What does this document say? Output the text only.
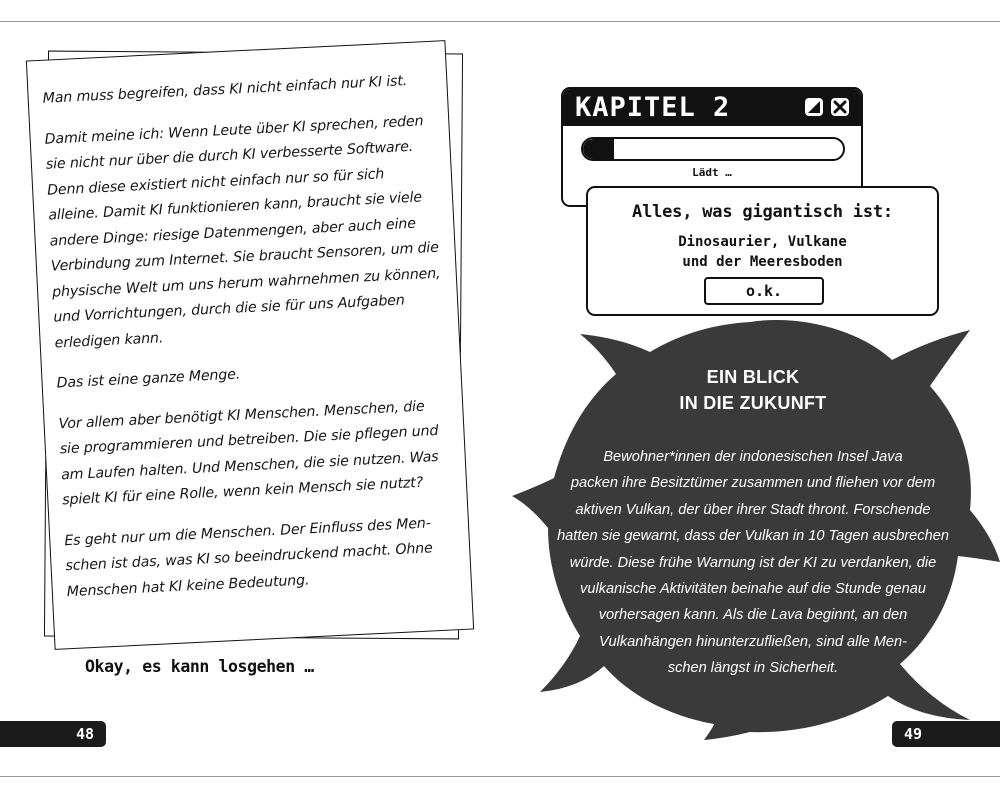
Man muss begreifen, dass KI nicht einfach nur KI ist.

Damit meine ich: Wenn Leute über KI sprechen, reden sie nicht nur über die durch KI verbesserte Software. Denn diese existiert nicht einfach nur so für sich alleine. Damit KI funktionieren kann, braucht sie viele andere Dinge: riesige Datenmengen, aber auch eine Verbindung zum Internet. Sie braucht Sensoren, um die physische Welt um uns herum wahrnehmen zu können, und Vorrichtungen, durch die sie für uns Aufgaben erledigen kann.

Das ist eine ganze Menge.

Vor allem aber benötigt KI Menschen. Menschen, die sie programmieren und betreiben. Die sie pflegen und am Laufen halten. Und Menschen, die sie nutzen. Was spielt KI für eine Rolle, wenn kein Mensch sie nutzt?

Es geht nur um die Menschen. Der Einfluss des Menschen ist das, was KI so beeindruckend macht. Ohne Menschen hat KI keine Bedeutung.

Okay, es kann losgehen …
48
EIN BLICK
IN DIE ZUKUNFT
Bewohner*innen der indonesischen Insel Java
packen ihre Besitztümer zusammen und fliehen vor dem
aktiven Vulkan, der über ihrer Stadt thront. Forschende
hatten sie gewarnt, dass der Vulkan in 10 Tagen ausbrechen
würde. Diese frühe Warnung ist der KI zu verdanken, die
vulkanische Aktivitäten beinahe auf die Stunde genau
vorhersagen kann. Als die Lava beginnt, an den
Vulkanhängen hinunterzufließen, sind alle Men-
schen längst in Sicherheit.
KAPITEL 2
Lädt …
Alles, was gigantisch ist:
Dinosaurier, Vulkane
und der Meeresboden
o.k.
49
